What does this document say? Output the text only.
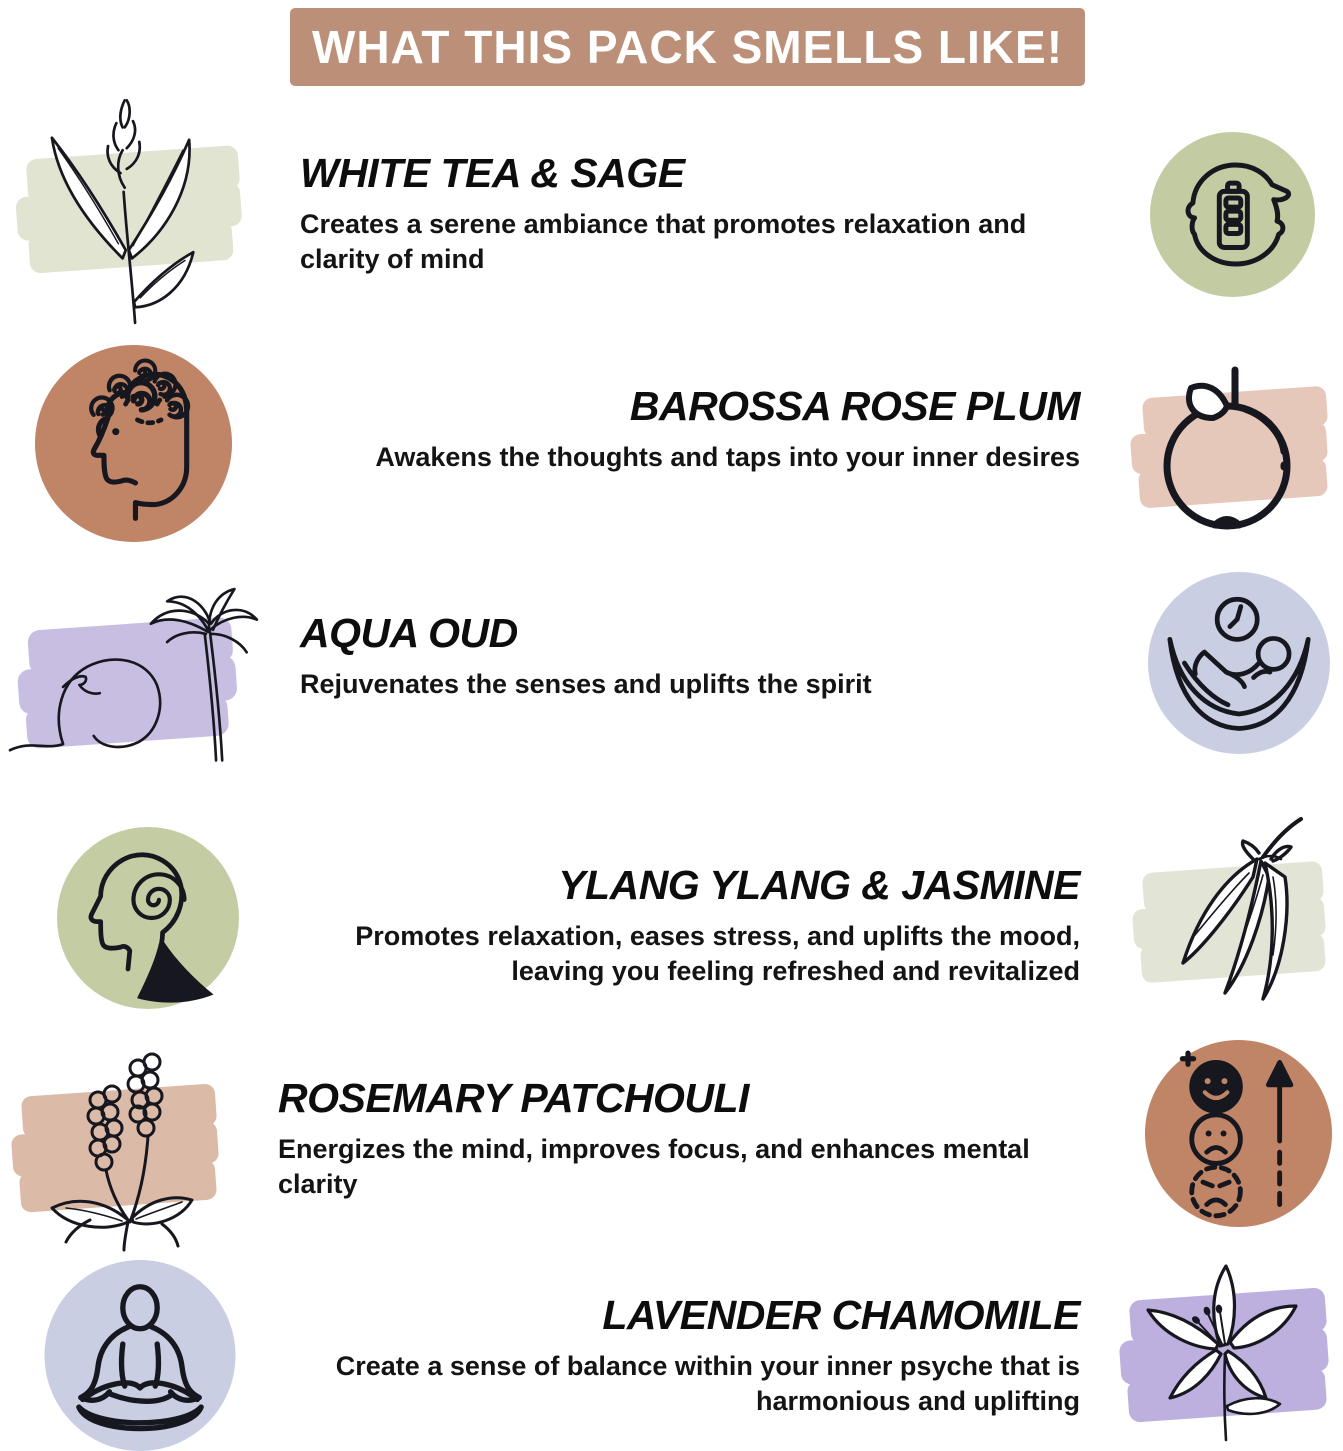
WHAT THIS PACK SMELLS LIKE!
WHITE TEA & SAGE

Creates a serene ambiance that promotes relaxation and clarity of mind

BAROSSA ROSE PLUM

Awakens the thoughts and taps into your inner desires

AQUA OUD

Rejuvenates the senses and uplifts the spirit

YLANG YLANG & JASMINE

Promotes relaxation, eases stress, and uplifts the mood, leaving you feeling refreshed and revitalized

ROSEMARY PATCHOULI

Energizes the mind, improves focus, and enhances mental clarity

LAVENDER CHAMOMILE

Create a sense of balance within your inner psyche that is harmonious and uplifting
